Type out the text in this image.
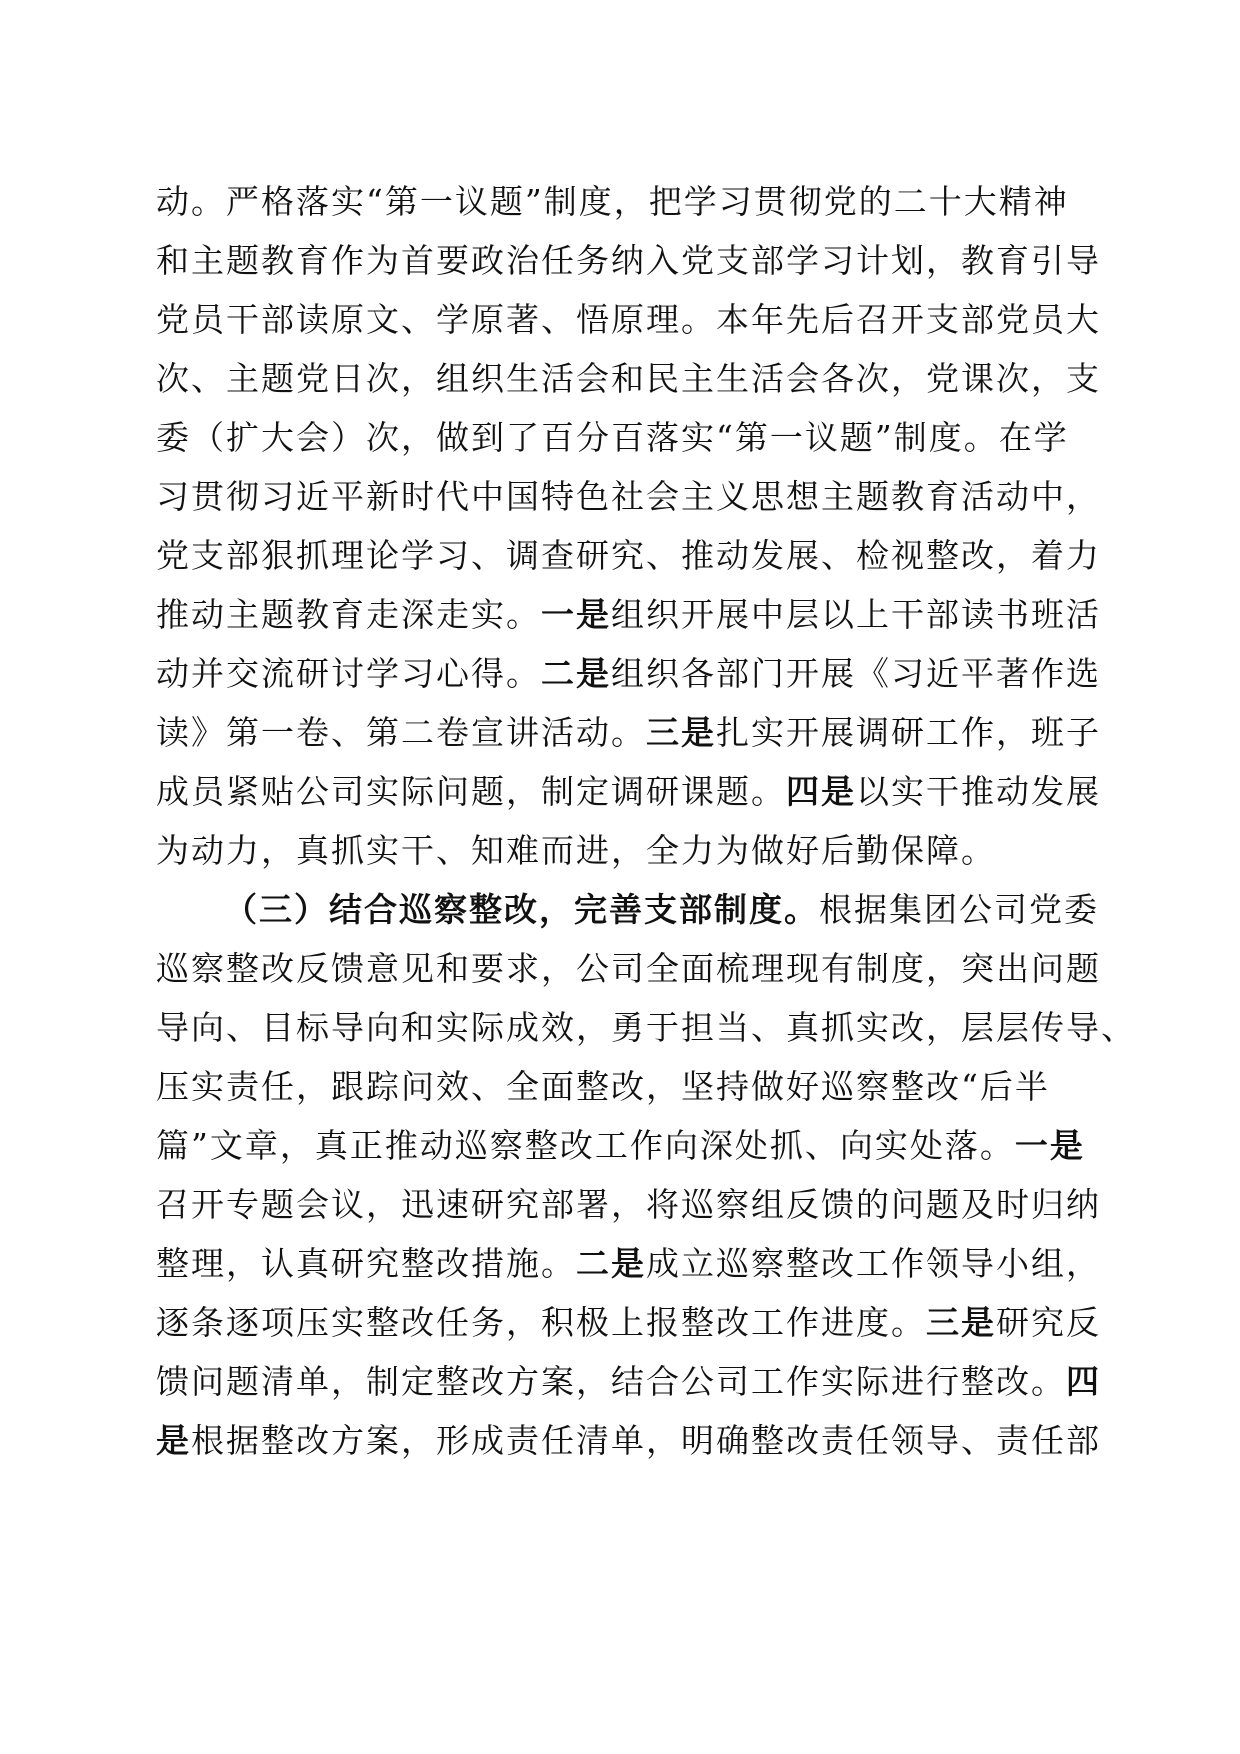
动。严格落实“第一议题”制度，把学习贯彻党的二十大精神
和主题教育作为首要政治任务纳入党支部学习计划，教育引导
党员干部读原文、学原著、悟原理。本年先后召开支部党员大
次、主题党日次，组织生活会和民主生活会各次，党课次，支
委（扩大会）次，做到了百分百落实“第一议题”制度。在学
习贯彻习近平新时代中国特色社会主义思想主题教育活动中，
党支部狠抓理论学习、调查研究、推动发展、检视整改，着力
推动主题教育走深走实。一是组织开展中层以上干部读书班活
动并交流研讨学习心得。二是组织各部门开展《习近平著作选
读》第一卷、第二卷宣讲活动。三是扎实开展调研工作，班子
成员紧贴公司实际问题，制定调研课题。四是以实干推动发展
为动力，真抓实干、知难而进，全力为做好后勤保障。
（三）结合巡察整改，完善支部制度。根据集团公司党委
巡察整改反馈意见和要求，公司全面梳理现有制度，突出问题
导向、目标导向和实际成效，勇于担当、真抓实改，层层传导、
压实责任，跟踪问效、全面整改，坚持做好巡察整改“后半
篇”文章，真正推动巡察整改工作向深处抓、向实处落。一是
召开专题会议，迅速研究部署，将巡察组反馈的问题及时归纳
整理，认真研究整改措施。二是成立巡察整改工作领导小组，
逐条逐项压实整改任务，积极上报整改工作进度。三是研究反
馈问题清单，制定整改方案，结合公司工作实际进行整改。四
是根据整改方案，形成责任清单，明确整改责任领导、责任部
